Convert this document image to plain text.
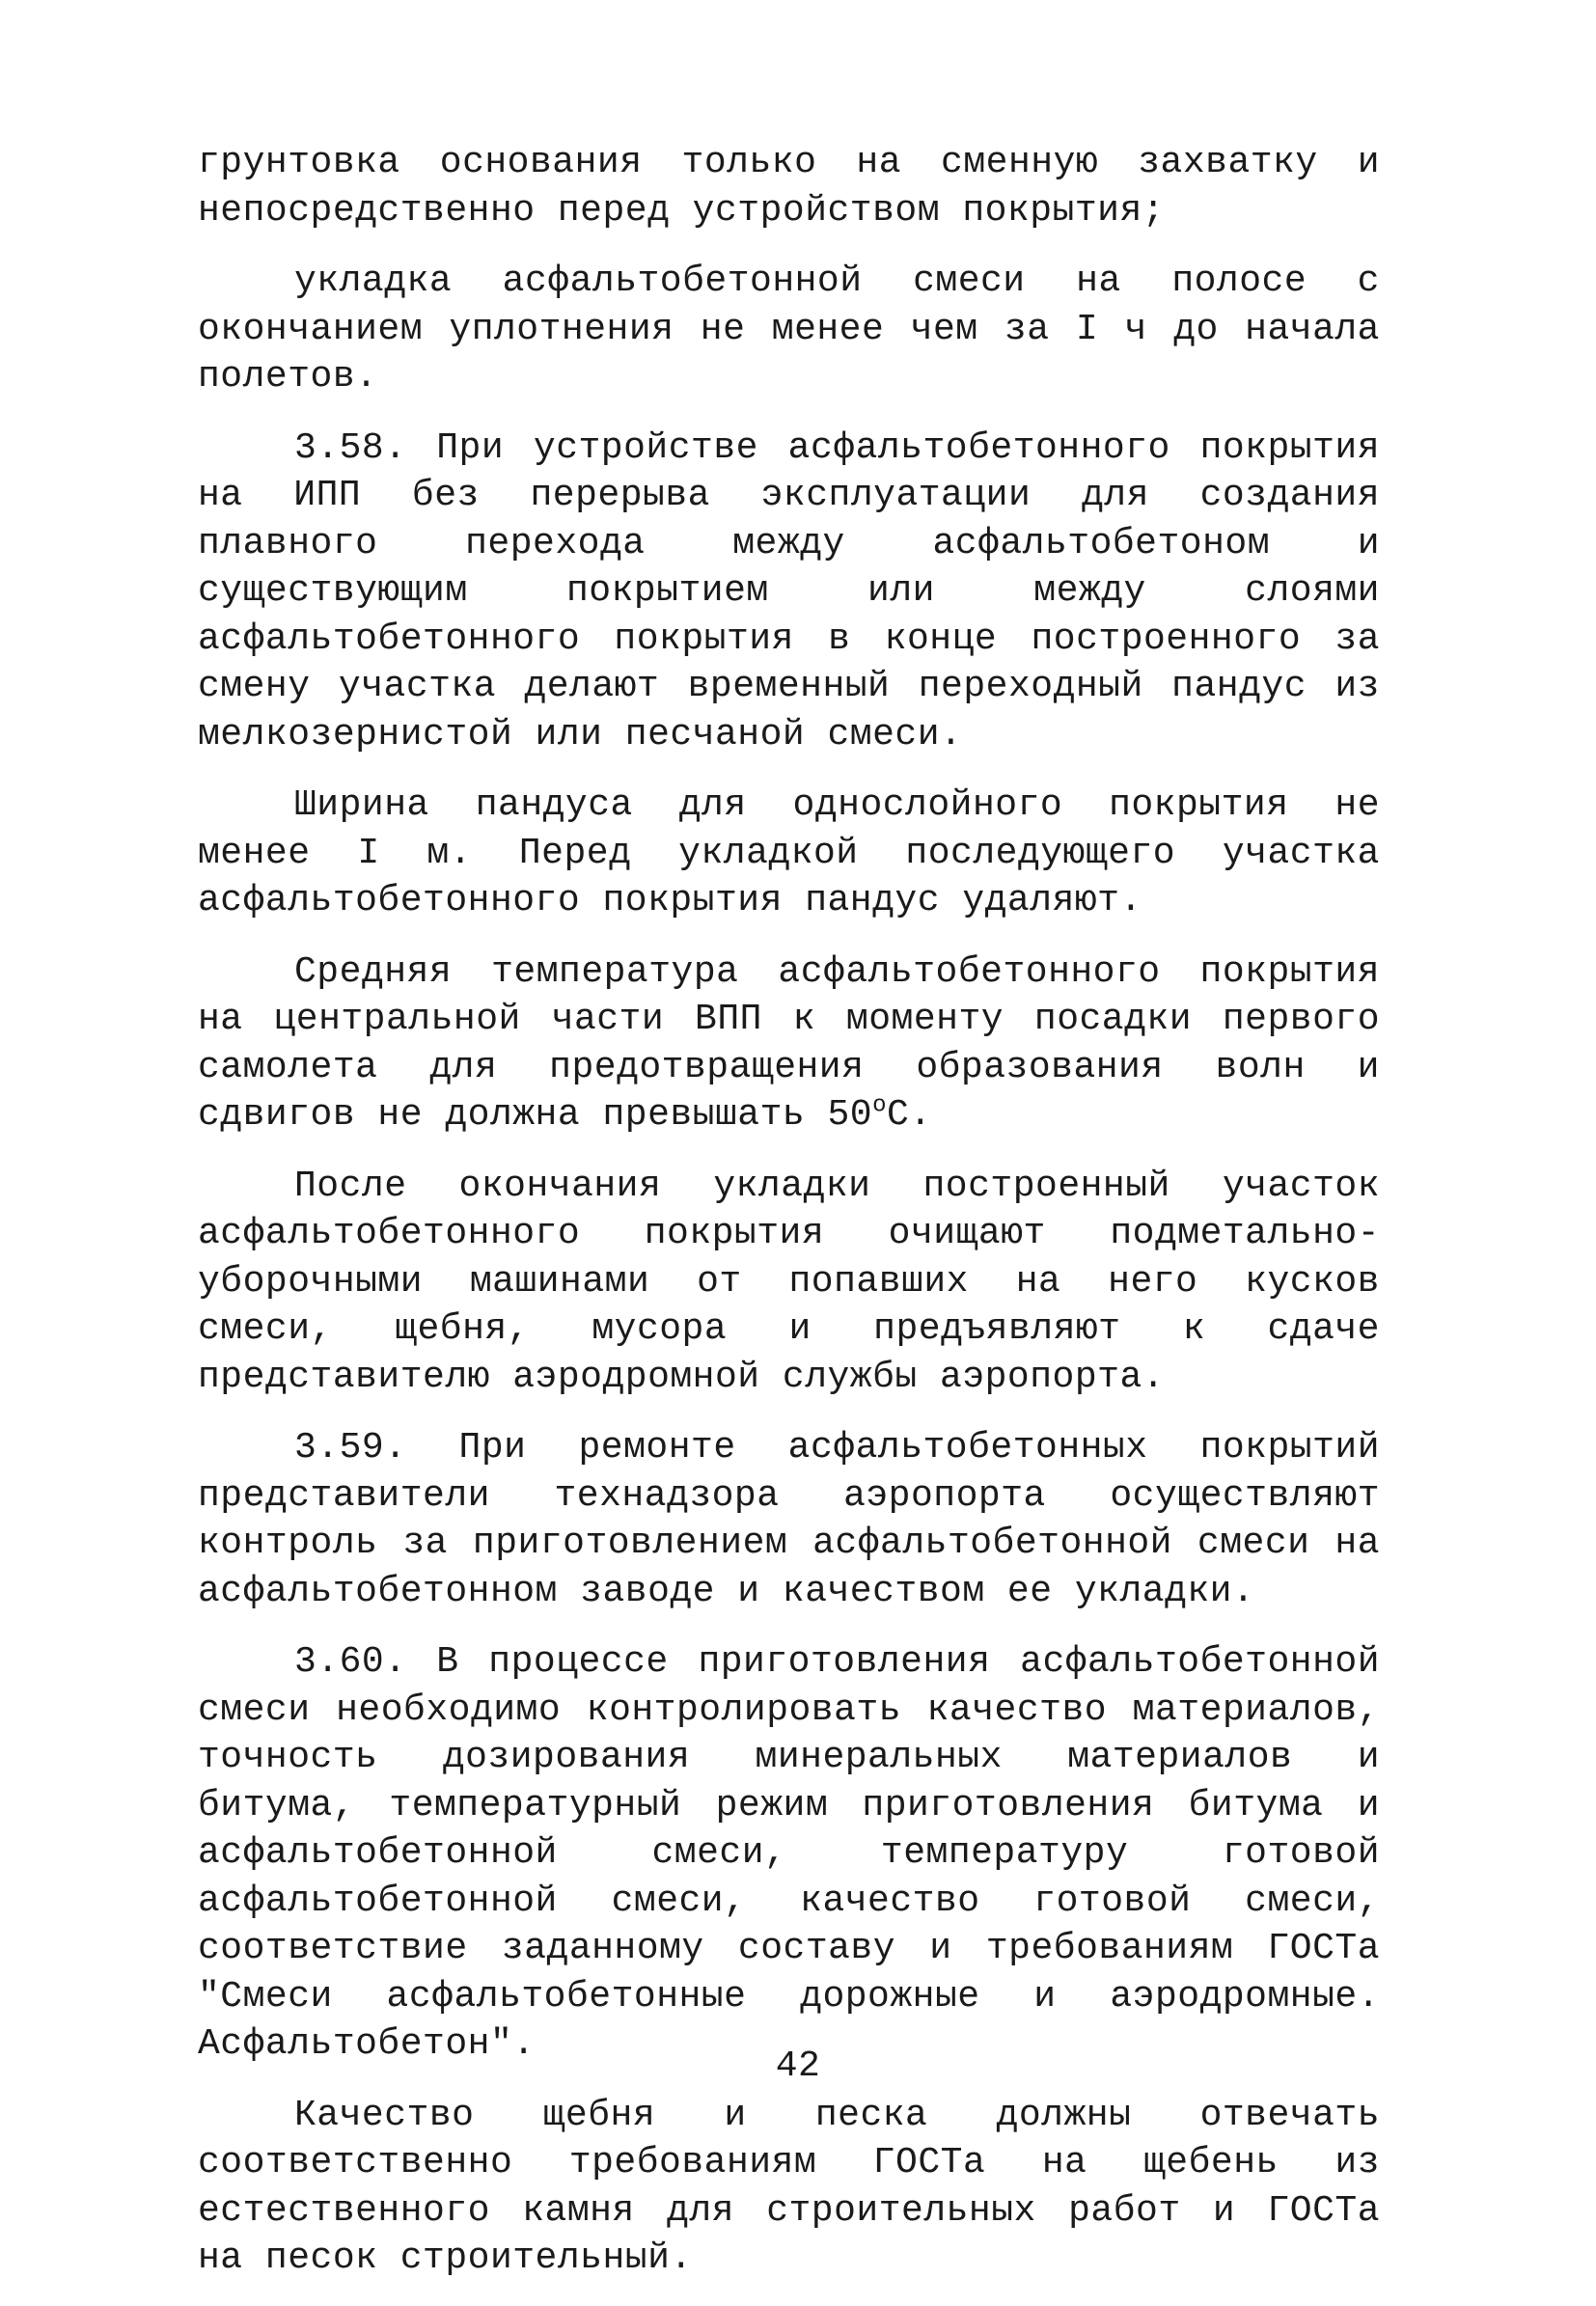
грунтовка основания только на сменную захватку и непосредственно перед устройством покрытия;

укладка асфальтобетонной смеси на полосе с окончанием уплотнения не менее чем за I ч до начала полетов.

3.58. При устройстве асфальтобетонного покрытия на ИПП без перерыва эксплуатации для создания плавного перехода между асфальтобетоном и существующим покрытием или между слоями асфальтобетонного покрытия в конце построенного за смену участка делают временный переходный пандус из мелкозернистой или песчаной смеси.

Ширина пандуса для однослойного покрытия не менее I м. Перед укладкой последующего участка асфальтобетонного покрытия пандус удаляют.

Средняя температура асфальтобетонного покрытия на центральной части ВПП к моменту посадки первого самолета для предотвращения образования волн и сдвигов не должна превышать $50^оС$.

После окончания укладки построенный участок асфальтобетонного покрытия очищают подметально-уборочными машинами от попавших на него кусков смеси, щебня, мусора и предъявляют к сдаче представителю аэродромной службы аэропорта.

3.59. При ремонте асфальтобетонных покрытий представители технадзора аэропорта осуществляют контроль за приготовлением асфальтобетонной смеси на асфальтобетонном заводе и качеством ее укладки.

3.60. В процессе приготовления асфальтобетонной смеси необходимо контролировать качество материалов, точность дозирования минеральных материалов и битума, температурный режим приготовления битума и асфальтобетонной смеси, температуру готовой асфальтобетонной смеси, качество готовой смеси, соответствие заданному составу и требованиям ГОСТа "Смеси асфальтобетонные дорожные и аэродромные. Асфальтобетон".

Качество щебня и песка должны отвечать соответственно требованиям ГОСТа на щебень из естественного камня для строительных работ и ГОСТа на песок строительный.

42
